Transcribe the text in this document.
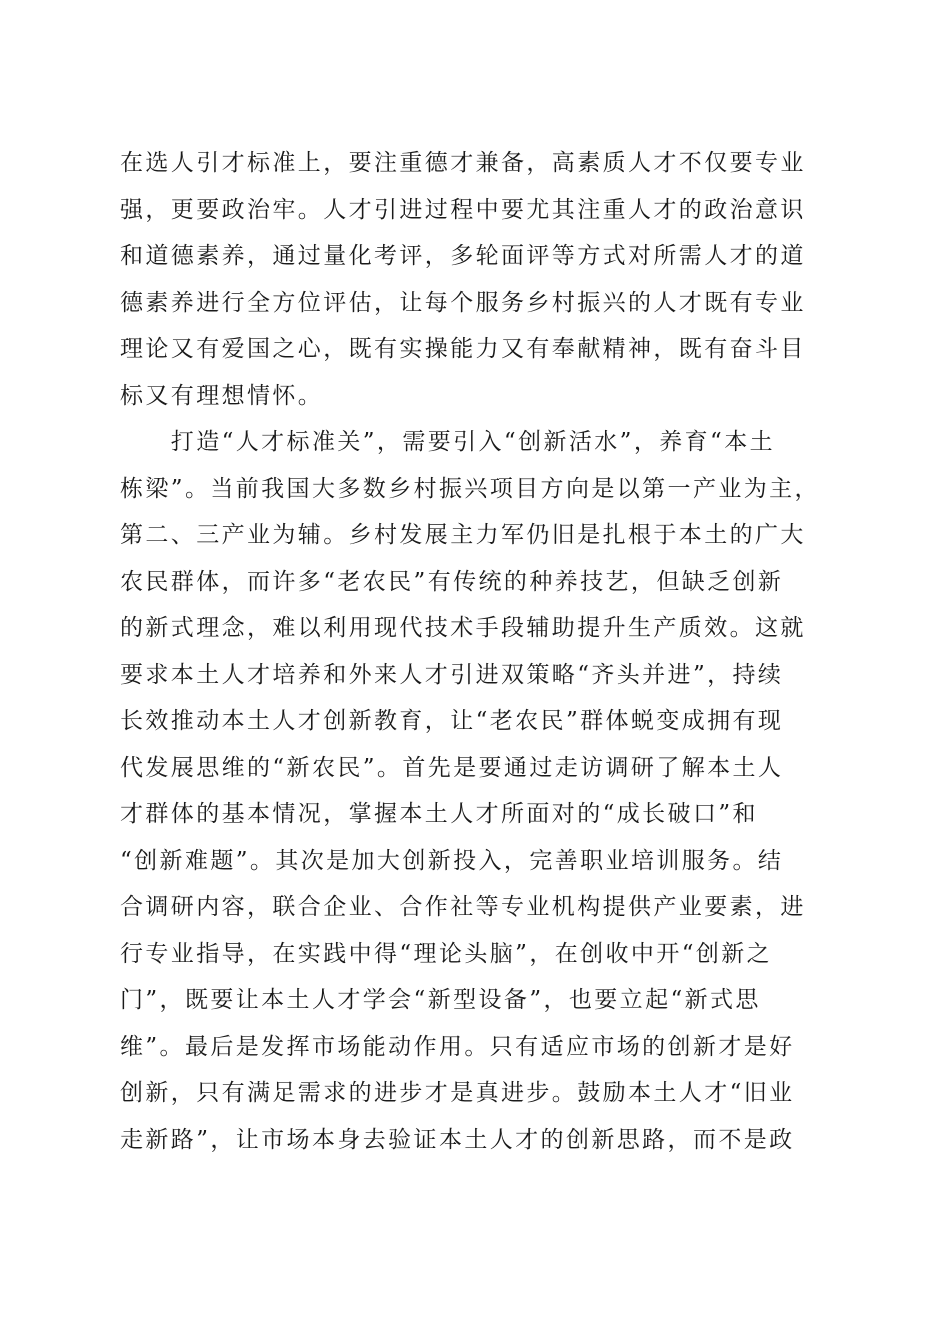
在选人引才标准上，要注重德才兼备，高素质人才不仅要专业
强，更要政治牢。人才引进过程中要尤其注重人才的政治意识
和道德素养，通过量化考评，多轮面评等方式对所需人才的道
德素养进行全方位评估，让每个服务乡村振兴的人才既有专业
理论又有爱国之心，既有实操能力又有奉献精神，既有奋斗目
标又有理想情怀。
　　打造“人才标准关”，需要引入“创新活水”，养育“本土
栋梁”。当前我国大多数乡村振兴项目方向是以第一产业为主，
第二、三产业为辅。乡村发展主力军仍旧是扎根于本土的广大
农民群体，而许多“老农民”有传统的种养技艺，但缺乏创新
的新式理念，难以利用现代技术手段辅助提升生产质效。这就
要求本土人才培养和外来人才引进双策略“齐头并进”，持续
长效推动本土人才创新教育，让“老农民”群体蜕变成拥有现
代发展思维的“新农民”。首先是要通过走访调研了解本土人
才群体的基本情况，掌握本土人才所面对的“成长破口”和
“创新难题”。其次是加大创新投入，完善职业培训服务。结
合调研内容，联合企业、合作社等专业机构提供产业要素，进
行专业指导，在实践中得“理论头脑”，在创收中开“创新之
门”，既要让本土人才学会“新型设备”，也要立起“新式思
维”。最后是发挥市场能动作用。只有适应市场的创新才是好
创新，只有满足需求的进步才是真进步。鼓励本土人才“旧业
走新路”，让市场本身去验证本土人才的创新思路，而不是政
